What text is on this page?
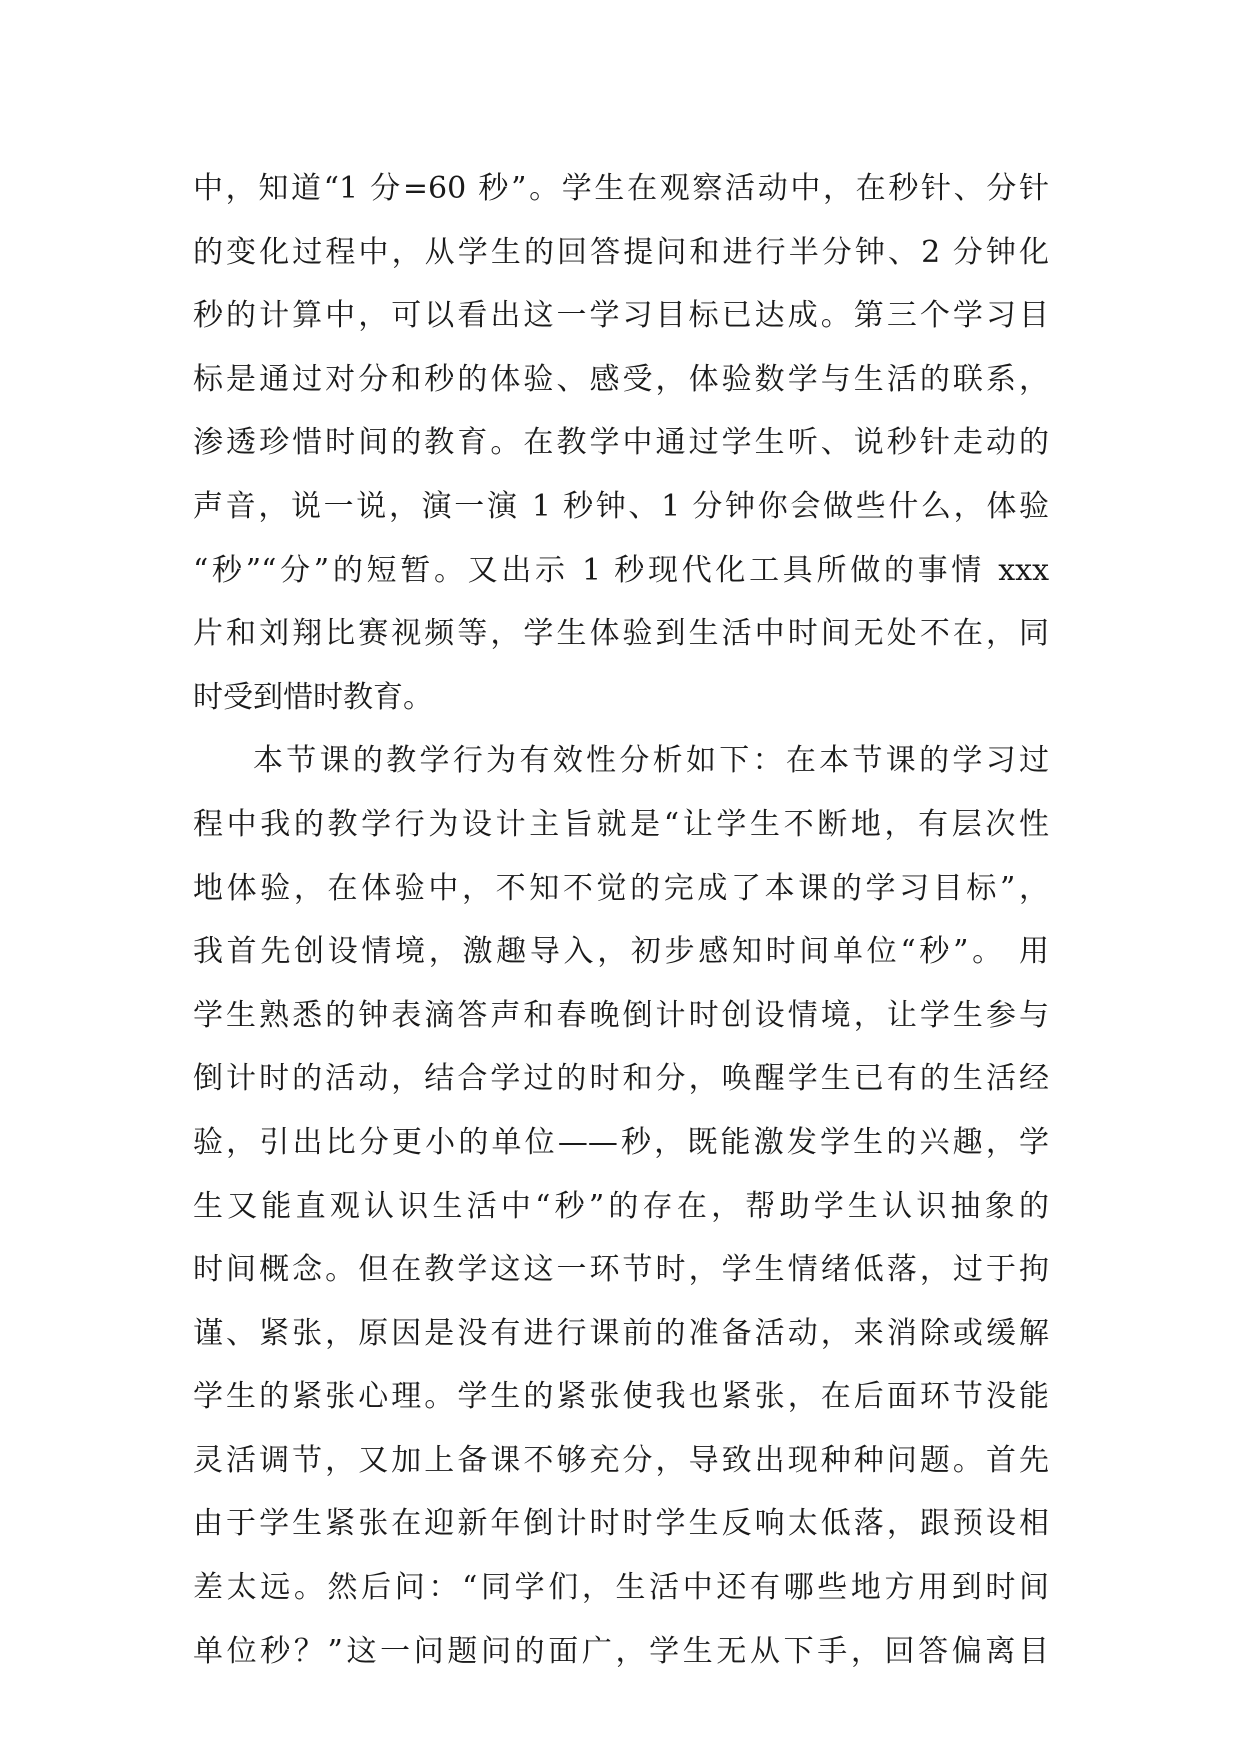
中，知道“1 分=60 秒”。学生在观察活动中，在秒针、分针
的变化过程中，从学生的回答提问和进行半分钟、2 分钟化
秒的计算中，可以看出这一学习目标已达成。第三个学习目
标是通过对分和秒的体验、感受，体验数学与生活的联系，
渗透珍惜时间的教育。在教学中通过学生听、说秒针走动的
声音，说一说，演一演 1 秒钟、1 分钟你会做些什么，体验
“秒”“分”的短暂。又出示 1 秒现代化工具所做的事情 xxx
片和刘翔比赛视频等，学生体验到生活中时间无处不在，同
时受到惜时教育。
本节课的教学行为有效性分析如下：在本节课的学习过
程中我的教学行为设计主旨就是“让学生不断地，有层次性
地体验，在体验中，不知不觉的完成了本课的学习目标”，
我首先创设情境，激趣导入，初步感知时间单位“秒”。 用
学生熟悉的钟表滴答声和春晚倒计时创设情境，让学生参与
倒计时的活动，结合学过的时和分，唤醒学生已有的生活经
验，引出比分更小的单位——秒，既能激发学生的兴趣，学
生又能直观认识生活中“秒”的存在，帮助学生认识抽象的
时间概念。但在教学这这一环节时，学生情绪低落，过于拘
谨、紧张，原因是没有进行课前的准备活动，来消除或缓解
学生的紧张心理。学生的紧张使我也紧张，在后面环节没能
灵活调节，又加上备课不够充分，导致出现种种问题。首先
由于学生紧张在迎新年倒计时时学生反响太低落，跟预设相
差太远。然后问：“同学们，生活中还有哪些地方用到时间
单位秒？”这一问题问的面广，学生无从下手，回答偏离目
